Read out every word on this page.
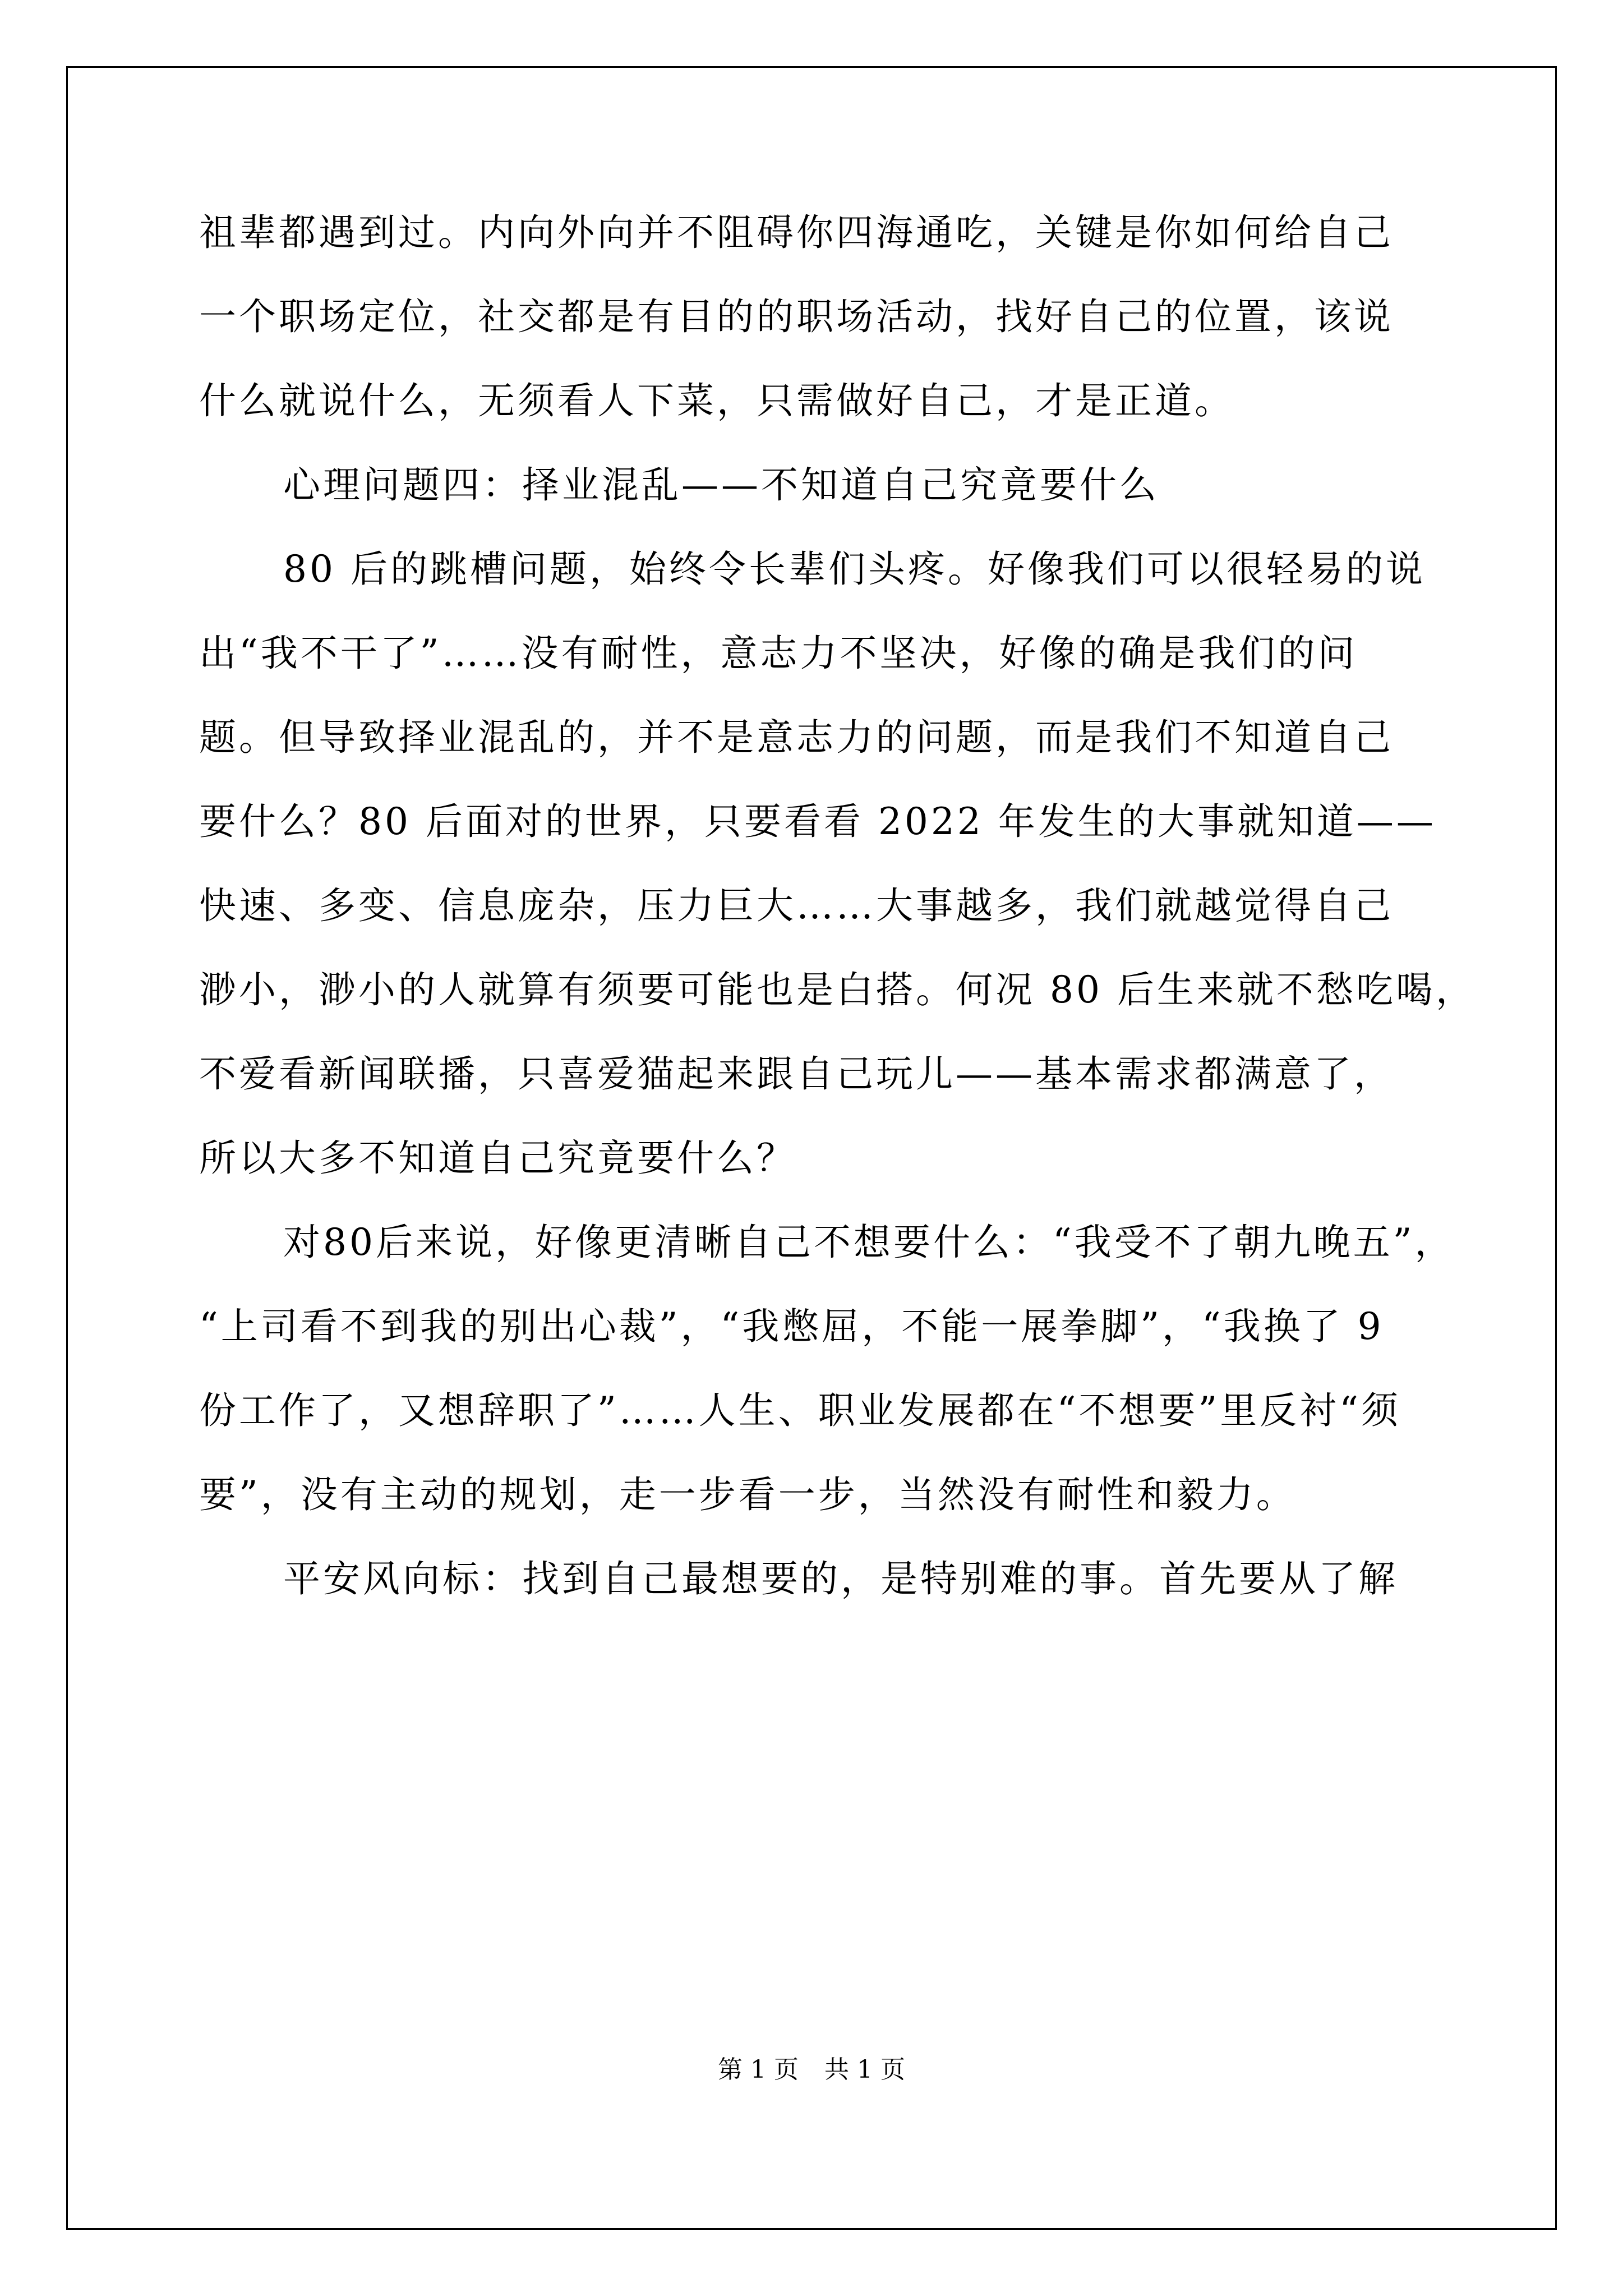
祖辈都遇到过。内向外向并不阻碍你四海通吃，关键是你如何给自己
一个职场定位，社交都是有目的的职场活动，找好自己的位置，该说
什么就说什么，无须看人下菜，只需做好自己，才是正道。
心理问题四：择业混乱——不知道自己究竟要什么
80 后的跳槽问题，始终令长辈们头疼。好像我们可以很轻易的说
出“我不干了”……没有耐性，意志力不坚决，好像的确是我们的问
题。但导致择业混乱的，并不是意志力的问题，而是我们不知道自己
要什么？80 后面对的世界，只要看看 2022 年发生的大事就知道——
快速、多变、信息庞杂，压力巨大……大事越多，我们就越觉得自己
渺小，渺小的人就算有须要可能也是白搭。何况 80 后生来就不愁吃喝，
不爱看新闻联播，只喜爱猫起来跟自己玩儿——基本需求都满意了，
所以大多不知道自己究竟要什么？
对80后来说，好像更清晰自己不想要什么：“我受不了朝九晚五”，
“上司看不到我的别出心裁”，“我憋屈，不能一展拳脚”，“我换了 9
份工作了，又想辞职了”……人生、职业发展都在“不想要”里反衬“须
要”，没有主动的规划，走一步看一步，当然没有耐性和毅力。
平安风向标：找到自己最想要的，是特别难的事。首先要从了解
第 1 页 共 1 页
